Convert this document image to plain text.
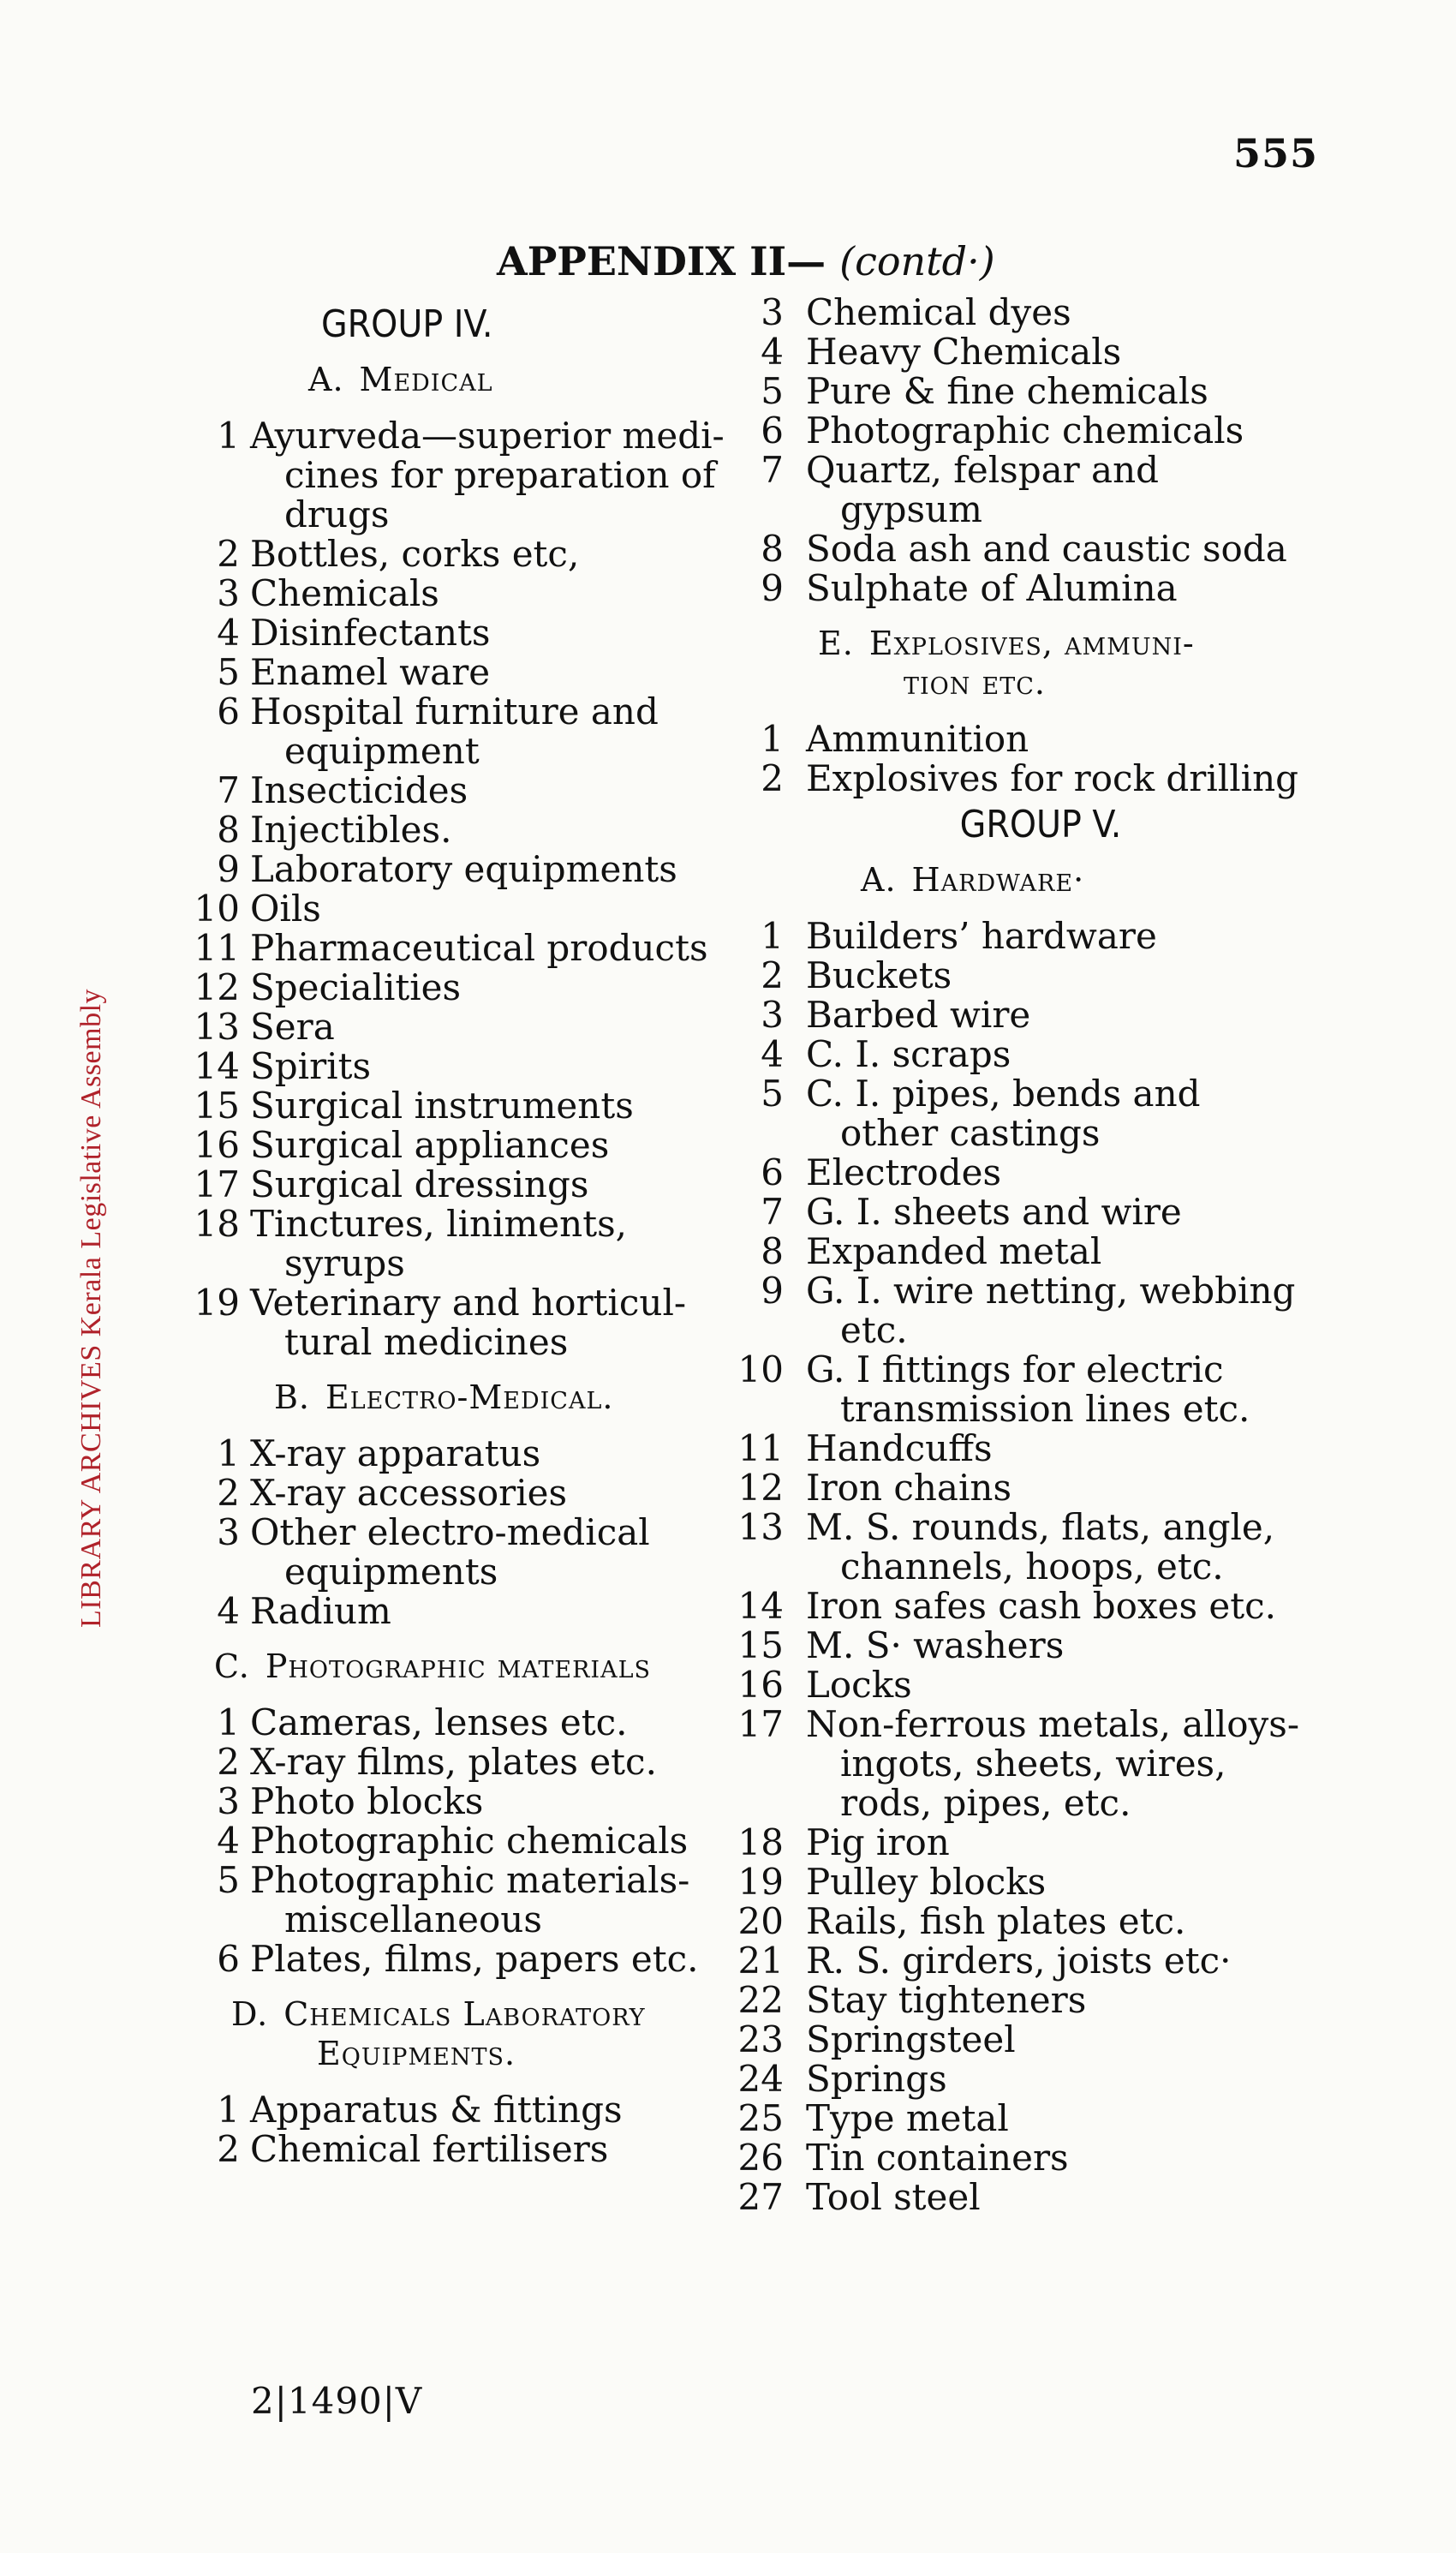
555
APPENDIX II— (contd·)
LIBRARY ARCHIVES Kerala Legislative Assembly
GROUP IV.
A. Medical
1 Ayurveda—superior medi-
cines for preparation of
drugs
2 Bottles, corks etc,
3 Chemicals
4 Disinfectants
5 Enamel ware
6 Hospital furniture and
equipment
7 Insecticides
8 Injectibles.
9 Laboratory equipments
10 Oils
11 Pharmaceutical products
12 Specialities
13 Sera
14 Spirits
15 Surgical instruments
16 Surgical appliances
17 Surgical dressings
18 Tinctures, liniments,
syrups
19 Veterinary and horticul-
tural medicines
B. Electro-Medical.
1 X-ray apparatus
2 X-ray accessories
3 Other electro-medical
equipments
4 Radium
C. Photographic materials
1 Cameras, lenses etc.
2 X-ray films, plates etc.
3 Photo blocks
4 Photographic chemicals
5 Photographic materials-
miscellaneous
6 Plates, films, papers etc.
D. Chemicals Laboratory
Equipments.
1 Apparatus & fittings
2 Chemical fertilisers
3 Chemical dyes
4 Heavy Chemicals
5 Pure & fine chemicals
6 Photographic chemicals
7 Quartz, felspar and
gypsum
8 Soda ash and caustic soda
9 Sulphate of Alumina
E. Explosives, ammuni-
tion etc.
1 Ammunition
2 Explosives for rock drilling
GROUP V.
A. Hardware·
1 Builders’ hardware
2 Buckets
3 Barbed wire
4 C. I. scraps
5 C. I. pipes, bends and
other castings
6 Electrodes
7 G. I. sheets and wire
8 Expanded metal
9 G. I. wire netting, webbing
etc.
10 G. I fittings for electric
transmission lines etc.
11 Handcuffs
12 Iron chains
13 M. S. rounds, flats, angle,
channels, hoops, etc.
14 Iron safes cash boxes etc.
15 M. S· washers
16 Locks
17 Non-ferrous metals, alloys-
ingots, sheets, wires,
rods, pipes, etc.
18 Pig iron
19 Pulley blocks
20 Rails, fish plates etc.
21 R. S. girders, joists etc·
22 Stay tighteners
23 Springsteel
24 Springs
25 Type metal
26 Tin containers
27 Tool steel
2|1490|V
